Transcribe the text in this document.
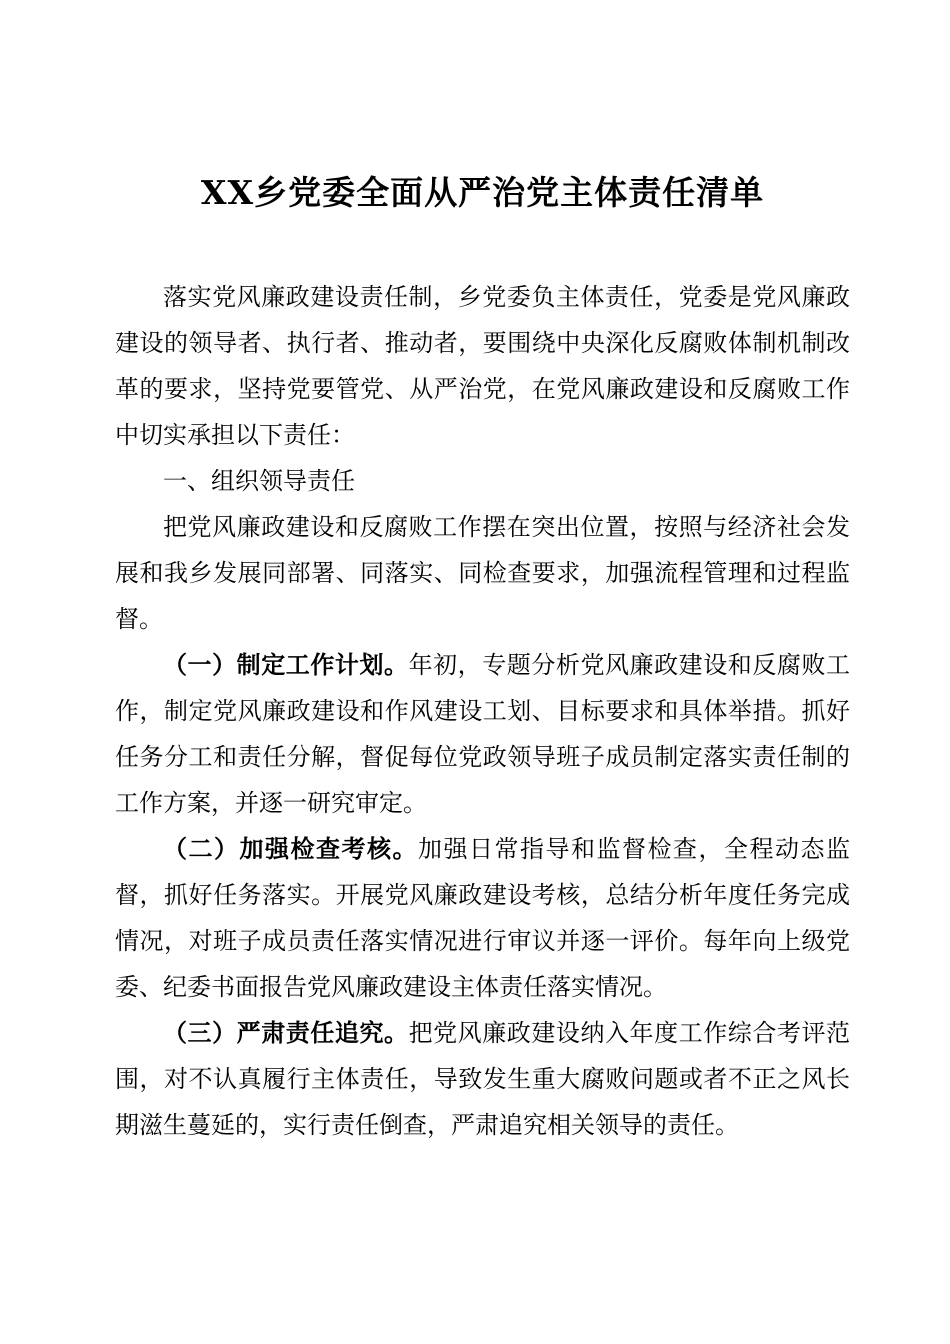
XX乡党委全面从严治党主体责任清单

落实党风廉政建设责任制，乡党委负主体责任，党委是党风廉政建设的领导者、执行者、推动者，要围绕中央深化反腐败体制机制改革的要求，坚持党要管党、从严治党，在党风廉政建设和反腐败工作中切实承担以下责任：

一、组织领导责任

把党风廉政建设和反腐败工作摆在突出位置，按照与经济社会发展和我乡发展同部署、同落实、同检查要求，加强流程管理和过程监督。

（一）制定工作计划。年初，专题分析党风廉政建设和反腐败工作，制定党风廉政建设和作风建设工划、目标要求和具体举措。抓好任务分工和责任分解，督促每位党政领导班子成员制定落实责任制的工作方案，并逐一研究审定。

（二）加强检查考核。加强日常指导和监督检查，全程动态监督，抓好任务落实。开展党风廉政建设考核，总结分析年度任务完成情况，对班子成员责任落实情况进行审议并逐一评价。每年向上级党委、纪委书面报告党风廉政建设主体责任落实情况。

（三）严肃责任追究。把党风廉政建设纳入年度工作综合考评范围，对不认真履行主体责任，导致发生重大腐败问题或者不正之风长期滋生蔓延的，实行责任倒查，严肃追究相关领导的责任。
